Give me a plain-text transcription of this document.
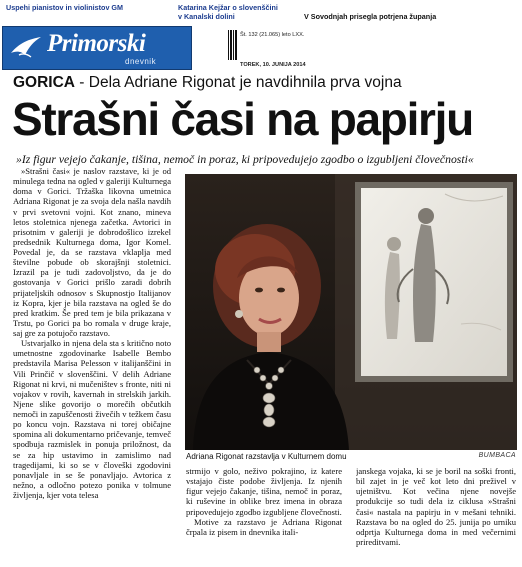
Uspehi pianistov in violinistov GM	Katarina Kejžar o slovenščini
v Kanalski dolini	V Sovodnjah prisegla potrjena županja
Primorski
dnevnik
Št. 132 (21.065) leto LXX.
TOREK, 10. JUNIJA 2014
GORICA - Dela Adriane Rigonat je navdihnila prva vojna
Strašni časi na papirju
»Iz figur vejejo čakanje, tišina, nemoč in poraz, ki pripovedujejo zgodbo o izgubljeni človečnosti«

»Strašni časi« je naslov razstave, ki je od minulega tedna na ogled v galeriji Kulturnega doma v Gorici. Tržaška likovna umetnica Adriana Rigonat je za svoja dela našla navdih v prvi svetovni vojni. Kot znano, mineva letos stoletnica njenega začetka. Avtorici in prisotnim v galeriji je dobrodošlico izrekel predsednik Kulturnega doma, Igor Komel. Povedal je, da se razstava vklaplja med številne pobude ob skorajšnji stoletnici. Izrazil pa je tudi zadovoljstvo, da je do gostovanja v Gorici prišlo zaradi dobrih prijateljskih odnosov s Skupnostjo Italijanov iz Kopra, kjer je bila razstava na ogled še do pred kratkim. Še pred tem je bila prikazana v Trstu, po Gorici pa bo romala v druge kraje, saj gre za potujočo razstavo.

Ustvarjalko in njena dela sta s kritično noto umetnostne zgodovinarke Isabelle Bembo predstavila Marisa Pelesson v italijanščini in Vili Prinčič v slovenščini. V delih Adriane Rigonat ni krvi, ni mučeništev s fronte, niti ni vojakov v rovih, kavernah in strelskih jarkih. Njene slike govorijo o morečih občutkih nemoči in zapuščenosti živečih v težkem času po koncu vojn. Razstava ni torej običajne spomina ali dokumentarno pričevanje, temveč spodbuja razmislek in ponuja priložnost, da se za hip ustavimo in zamislimo nad tragedijami, ki so se v človeški zgodovini ponavljale in se še ponavljajo. Avtorica z nežno, a odločno potezo ponika v tolmune življenja, kjer vota telesa

Adriana Rigonat razstavlja v Kulturnem domu	BUMBACA

strmijo v golo, neživo pokrajino, iz katere vstajajo čiste podobe življenja. Iz njenih figur vejejo čakanje, tišina, nemoč in poraz, ki ruševine in oblike brez imena in obraza pripovedujejo zgodbo izgubljene človečnosti.

Motive za razstavo je Adriana Rigonat črpala iz pisem in dnevnika itali-

janskega vojaka, ki se je boril na soški fronti, bil zajet in je več kot leto dni preživel v ujetništvu. Kot večina njene novejše produkcije so tudi dela iz ciklusa »Strašni časi« nastala na papirju in v mešani tehniki. Razstava bo na ogled do 25. junija po urniku odprtja Kulturnega doma in med večernimi prireditvami.
